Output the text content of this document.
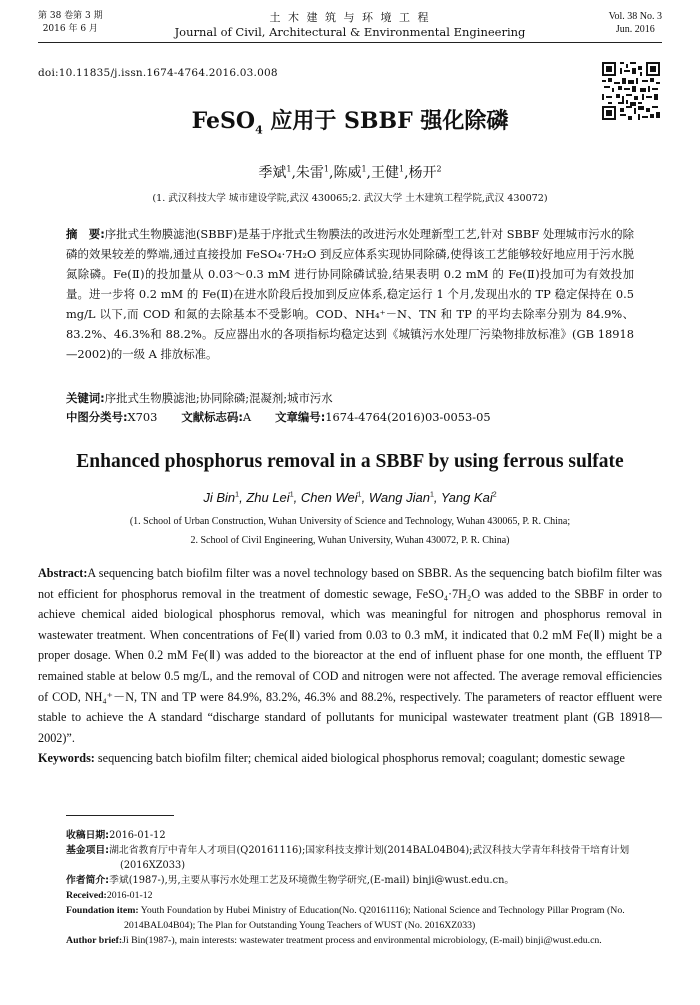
第 38 卷第 3 期
2016 年 6 月
土 木 建 筑 与 环 境 工 程
Journal of Civil, Architectural & Environmental Engineering
Vol. 38 No. 3
Jun. 2016
doi:10.11835/j.issn.1674-4764.2016.03.008
FeSO$_4$ 应用于 SBBF 强化除磷
季斌$^1$,朱雷$^1$,陈威$^1$,王健$^1$,杨开$^2$
(1. 武汉科技大学 城市建设学院,武汉 430065;2. 武汉大学 土木建筑工程学院,武汉 430072)
摘　要:序批式生物膜滤池(SBBF)是基于序批式生物膜法的改进污水处理新型工艺,针对 SBBF 处理城市污水的除磷的效果较差的弊端,通过直接投加 FeSO₄·7H₂O 到反应体系实现协同除磷,使得该工艺能够较好地应用于污水脱氮除磷。Fe(Ⅱ)的投加量从 0.03～0.3 mM 进行协同除磷试验,结果表明 0.2 mM 的 Fe(Ⅱ)投加可为有效投加量。进一步将 0.2 mM 的 Fe(Ⅱ)在进水阶段后投加到反应体系,稳定运行 1 个月,发现出水的 TP 稳定保持在 0.5 mg/L 以下,而 COD 和氮的去除基本不受影响。COD、NH₄⁺－N、TN 和 TP 的平均去除率分别为 84.9%、83.2%、46.3%和 88.2%。反应器出水的各项指标均稳定达到《城镇污水处理厂污染物排放标准》(GB 18918—2002)的一级 A 排放标准。
关键词:序批式生物膜滤池;协同除磷;混凝剂;城市污水
中图分类号:X703 文献标志码:A 文章编号:1674-4764(2016)03-0053-05
Enhanced phosphorus removal in a SBBF by using ferrous sulfate
Ji Bin$^1$, Zhu Lei$^1$, Chen Wei$^1$, Wang Jian$^1$, Yang Kai$^2$
(1. School of Urban Construction, Wuhan University of Science and Technology, Wuhan 430065, P. R. China;
2. School of Civil Engineering, Wuhan University, Wuhan 430072, P. R. China)
Abstract:A sequencing batch biofilm filter was a novel technology based on SBBR. As the sequencing batch biofilm filter was not efficient for phosphorus removal in the treatment of domestic sewage, FeSO₄·7H₂O was added to the SBBF in order to achieve chemical aided biological phosphorus removal, which was meaningful for nitrogen and phosphorus removal in wastewater treatment. When concentrations of Fe(Ⅱ) varied from 0.03 to 0.3 mM, it indicated that 0.2 mM Fe(Ⅱ) might be a proper dosage. When 0.2 mM Fe(Ⅱ) was added to the bioreactor at the end of influent phase for one month, the effluent TP remained stable at below 0.5 mg/L, and the removal of COD and nitrogen were not affected. The average removal efficiencies of COD, NH₄⁺－N, TN and TP were 84.9%, 83.2%, 46.3% and 88.2%, respectively. The parameters of reactor effluent were stable to achieve the A standard “discharge standard of pollutants for municipal wastewater treatment plant (GB 18918—2002)”.
Keywords: sequencing batch biofilm filter; chemical aided biological phosphorus removal; coagulant; domestic sewage
收稿日期:2016-01-12
基金项目:湖北省教育厅中青年人才项目(Q20161116);国家科技支撑计划(2014BAL04B04);武汉科技大学青年科技骨干培育计划(2016XZ033)
作者简介:季斌(1987-),男,主要从事污水处理工艺及环境微生物学研究,(E-mail) binji@wust.edu.cn。
Received:2016-01-12
Foundation item: Youth Foundation by Hubei Ministry of Education(No. Q20161116); National Science and Technology Pillar Program (No. 2014BAL04B04); The Plan for Outstanding Young Teachers of WUST (No. 2016XZ033)
Author brief:Ji Bin(1987-), main interests: wastewater treatment process and environmental microbiology, (E-mail) binji@wust.edu.cn.
